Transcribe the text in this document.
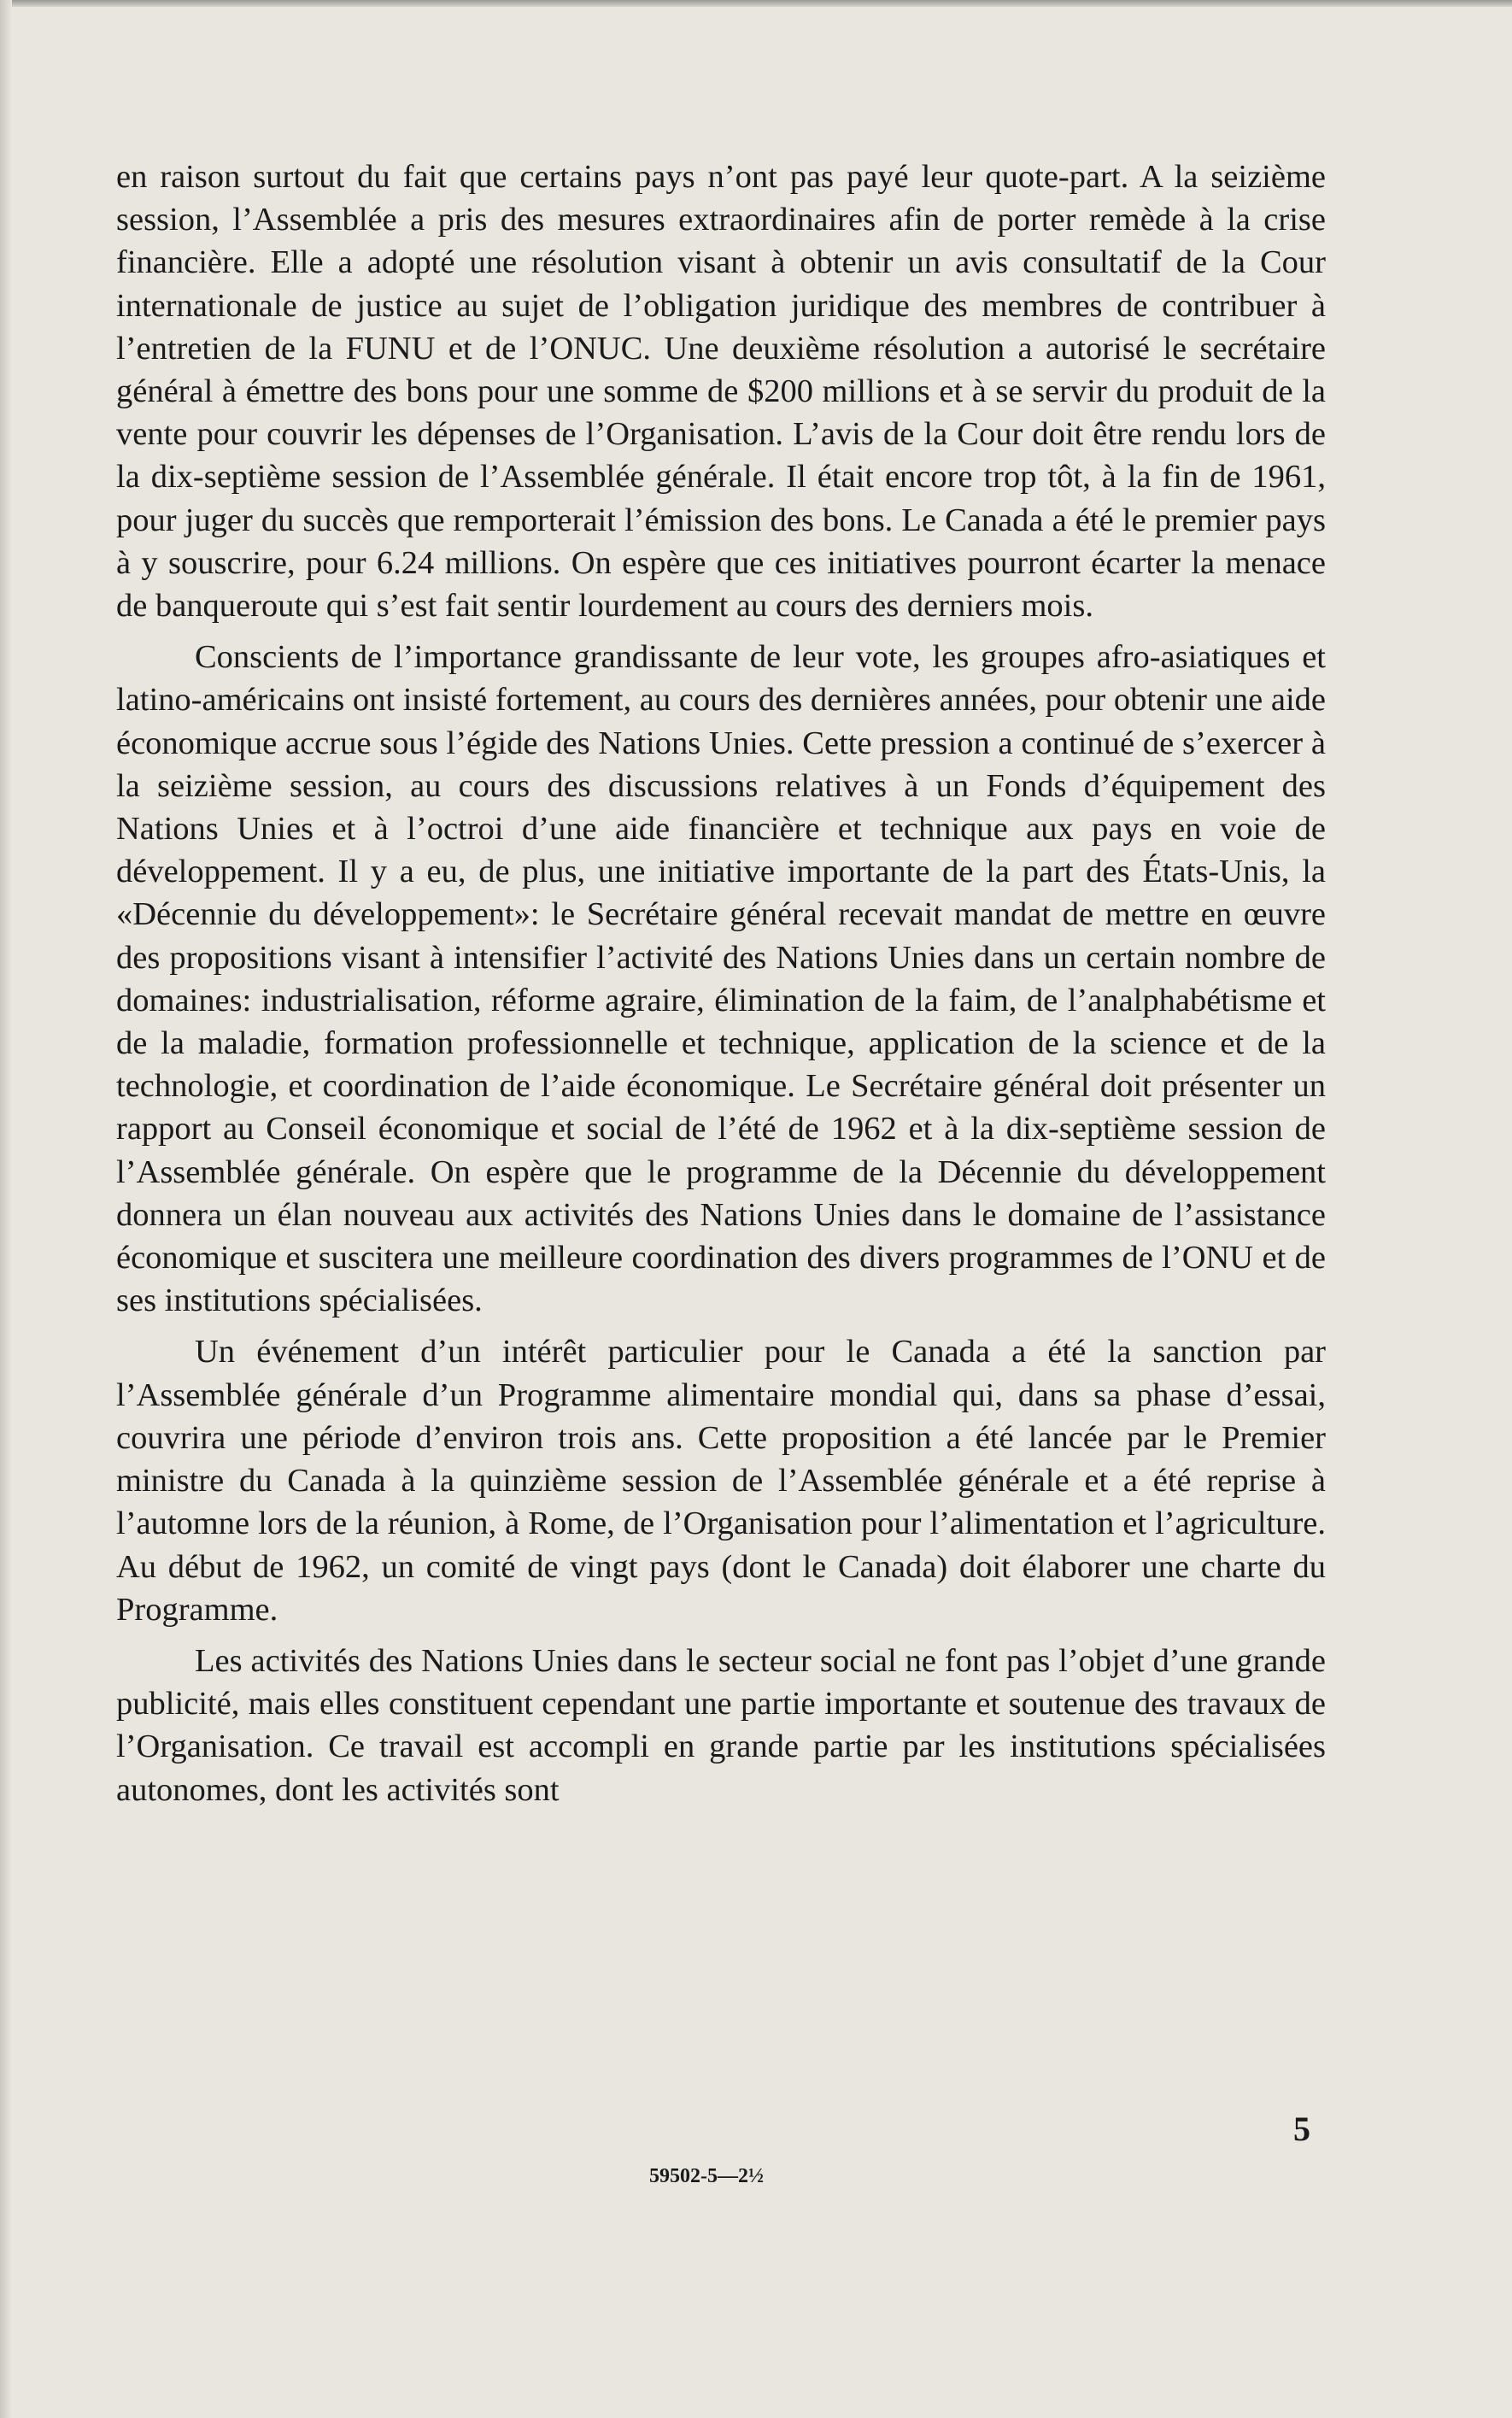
en raison surtout du fait que certains pays n’ont pas payé leur quote-part. A la seizième session, l’Assemblée a pris des mesures extraordinaires afin de porter remède à la crise financière. Elle a adopté une résolution visant à obtenir un avis consultatif de la Cour internationale de justice au sujet de l’obligation juridique des membres de contribuer à l’entretien de la FUNU et de l’ONUC. Une deuxième résolution a autorisé le secrétaire général à émettre des bons pour une somme de $200 millions et à se servir du produit de la vente pour couvrir les dépenses de l’Organisation. L’avis de la Cour doit être rendu lors de la dix-septième session de l’Assemblée générale. Il était encore trop tôt, à la fin de 1961, pour juger du succès que remporterait l’émission des bons. Le Canada a été le premier pays à y souscrire, pour 6.24 millions. On espère que ces initiatives pourront écarter la menace de banqueroute qui s’est fait sentir lourdement au cours des derniers mois.

Conscients de l’importance grandissante de leur vote, les groupes afro-asiatiques et latino-américains ont insisté fortement, au cours des dernières années, pour obtenir une aide économique accrue sous l’égide des Nations Unies. Cette pression a continué de s’exercer à la seizième session, au cours des discussions relatives à un Fonds d’équipement des Nations Unies et à l’octroi d’une aide financière et technique aux pays en voie de développement. Il y a eu, de plus, une initiative importante de la part des États-Unis, la «Décennie du développement»: le Secrétaire général recevait mandat de mettre en œuvre des propositions visant à intensifier l’activité des Nations Unies dans un certain nombre de domaines: industrialisation, réforme agraire, élimination de la faim, de l’analphabétisme et de la maladie, formation professionnelle et technique, application de la science et de la technologie, et coordination de l’aide économique. Le Secrétaire général doit présenter un rapport au Conseil économique et social de l’été de 1962 et à la dix-septième session de l’Assemblée générale. On espère que le programme de la Décennie du développement donnera un élan nouveau aux activités des Nations Unies dans le domaine de l’assistance économique et suscitera une meilleure coordination des divers programmes de l’ONU et de ses institutions spécialisées.

Un événement d’un intérêt particulier pour le Canada a été la sanction par l’Assemblée générale d’un Programme alimentaire mondial qui, dans sa phase d’essai, couvrira une période d’environ trois ans. Cette proposition a été lancée par le Premier ministre du Canada à la quinzième session de l’Assemblée générale et a été reprise à l’automne lors de la réunion, à Rome, de l’Organisation pour l’alimentation et l’agriculture. Au début de 1962, un comité de vingt pays (dont le Canada) doit élaborer une charte du Programme.

Les activités des Nations Unies dans le secteur social ne font pas l’objet d’une grande publicité, mais elles constituent cependant une partie importante et soutenue des travaux de l’Organisation. Ce travail est accompli en grande partie par les institutions spécialisées autonomes, dont les activités sont

5
59502-5—2½
